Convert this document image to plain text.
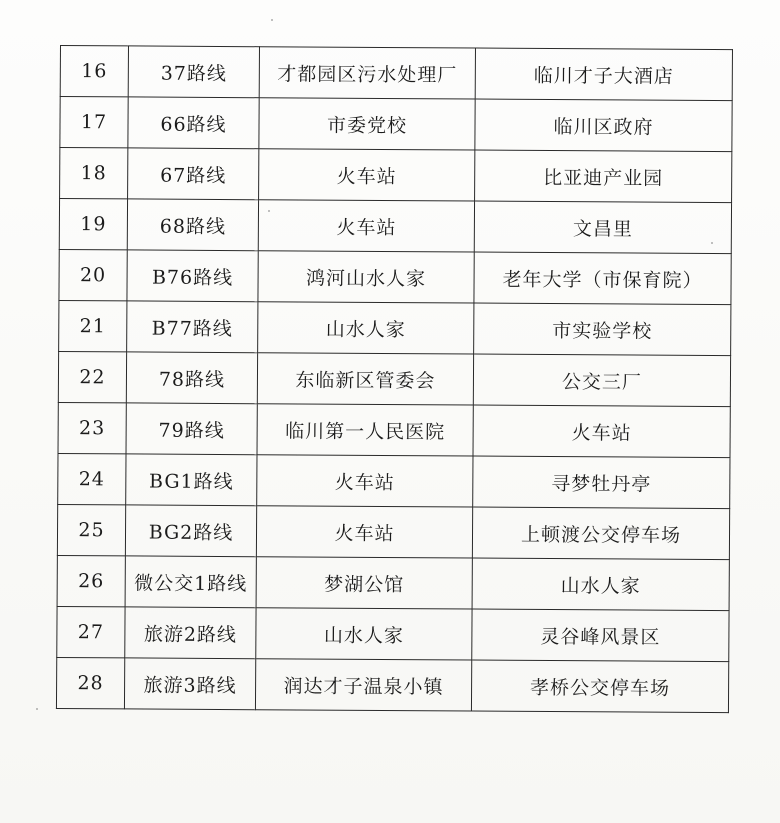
16	37路线	才都园区污水处理厂	临川才子大酒店
17	66路线	市委党校	临川区政府
18	67路线	火车站	比亚迪产业园
19	68路线	火车站	文昌里
20	B76路线	鸿河山水人家	老年大学（市保育院）
21	B77路线	山水人家	市实验学校
22	78路线	东临新区管委会	公交三厂
23	79路线	临川第一人民医院	火车站
24	BG1路线	火车站	寻梦牡丹亭
25	BG2路线	火车站	上顿渡公交停车场
26	微公交1路线	梦湖公馆	山水人家
27	旅游2路线	山水人家	灵谷峰风景区
28	旅游3路线	润达才子温泉小镇	孝桥公交停车场
